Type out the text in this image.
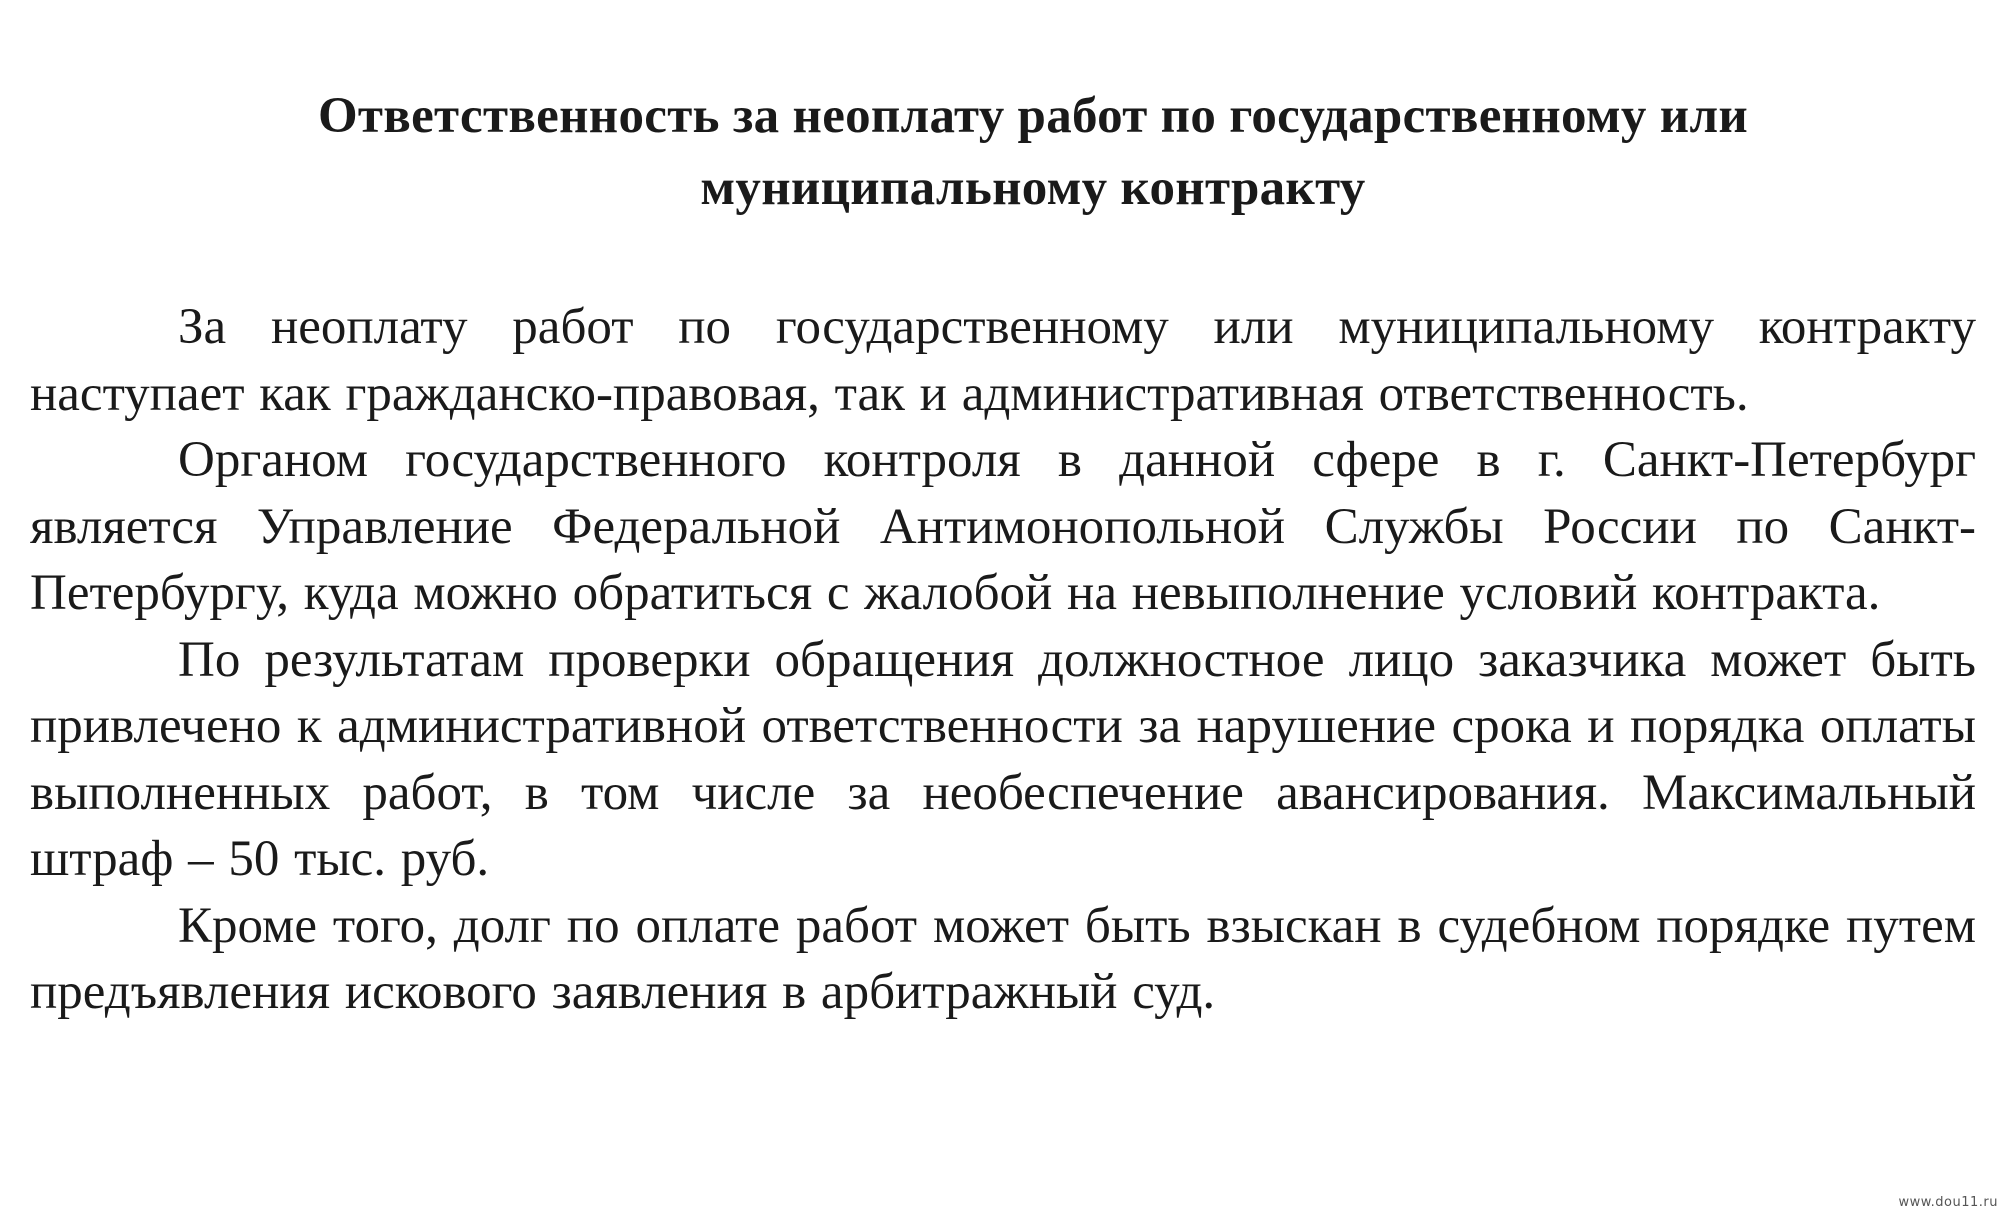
Ответственность за неоплату работ по государственному или муниципальному контракту

За неоплату работ по государственному или муниципальному контракту наступает как гражданско-правовая, так и административная ответственность.

Органом государственного контроля в данной сфере в г. Санкт-Петербург является Управление Федеральной Антимонопольной Службы России по Санкт-Петербургу, куда можно обратиться с жалобой на невыполнение условий контракта.

По результатам проверки обращения должностное лицо заказчика может быть привлечено к административной ответственности за нарушение срока и порядка оплаты выполненных работ, в том числе за необеспечение авансирования. Максимальный штраф – 50 тыс. руб.

Кроме того, долг по оплате работ может быть взыскан в судебном порядке путем предъявления искового заявления в арбитражный суд.

www.dou11.ru
